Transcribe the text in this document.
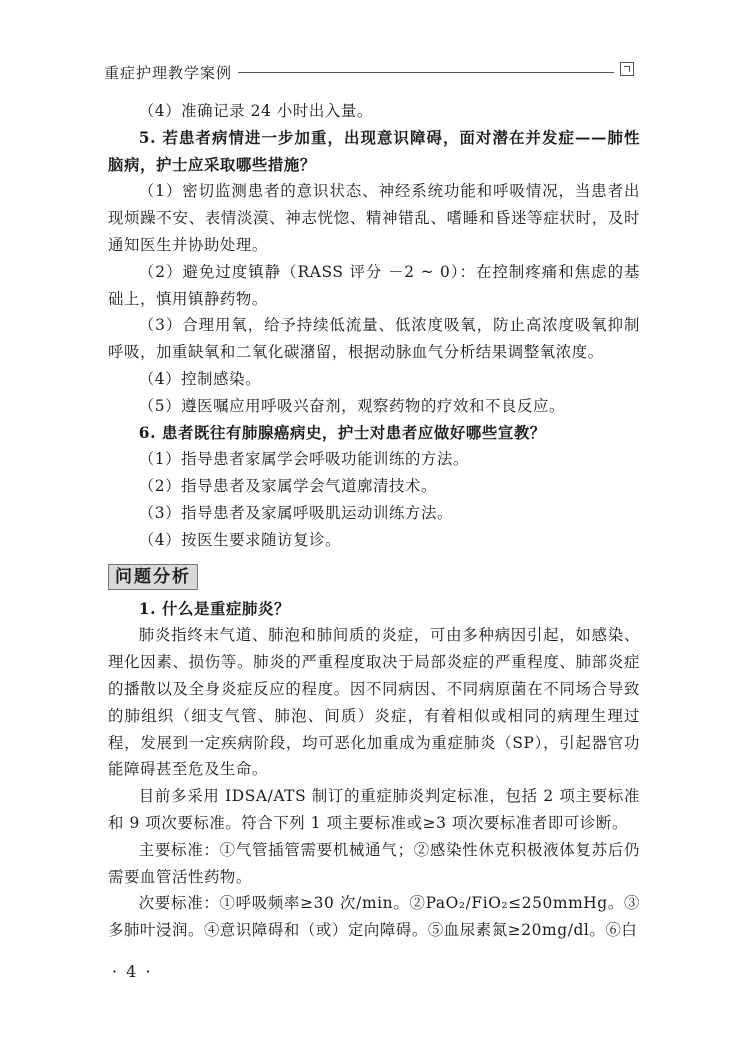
重症护理教学案例

（4）准确记录 24 小时出入量。

5. 若患者病情进一步加重，出现意识障碍，面对潜在并发症——肺性脑病，护士应采取哪些措施？

（1）密切监测患者的意识状态、神经系统功能和呼吸情况，当患者出现烦躁不安、表情淡漠、神志恍惚、精神错乱、嗜睡和昏迷等症状时，及时通知医生并协助处理。

（2）避免过度镇静（RASS 评分 －2 ~ 0）：在控制疼痛和焦虑的基础上，慎用镇静药物。

（3）合理用氧，给予持续低流量、低浓度吸氧，防止高浓度吸氧抑制呼吸，加重缺氧和二氧化碳潴留，根据动脉血气分析结果调整氧浓度。

（4）控制感染。

（5）遵医嘱应用呼吸兴奋剂，观察药物的疗效和不良反应。

6. 患者既往有肺腺癌病史，护士对患者应做好哪些宣教？

（1）指导患者家属学会呼吸功能训练的方法。

（2）指导患者及家属学会气道廓清技术。

（3）指导患者及家属呼吸肌运动训练方法。

（4）按医生要求随访复诊。

问题分析

1. 什么是重症肺炎？

肺炎指终末气道、肺泡和肺间质的炎症，可由多种病因引起，如感染、理化因素、损伤等。肺炎的严重程度取决于局部炎症的严重程度、肺部炎症的播散以及全身炎症反应的程度。因不同病因、不同病原菌在不同场合导致的肺组织（细支气管、肺泡、间质）炎症，有着相似或相同的病理生理过程，发展到一定疾病阶段，均可恶化加重成为重症肺炎（SP），引起器官功能障碍甚至危及生命。

目前多采用 IDSA/ATS 制订的重症肺炎判定标准，包括 2 项主要标准和 9 项次要标准。符合下列 1 项主要标准或≥3 项次要标准者即可诊断。

主要标准：①气管插管需要机械通气；②感染性休克积极液体复苏后仍需要血管活性药物。

次要标准：①呼吸频率≥30 次/min。②PaO₂/FiO₂≤250mmHg。③多肺叶浸润。④意识障碍和（或）定向障碍。⑤血尿素氮≥20mg/dl。⑥白

· 4 ·
